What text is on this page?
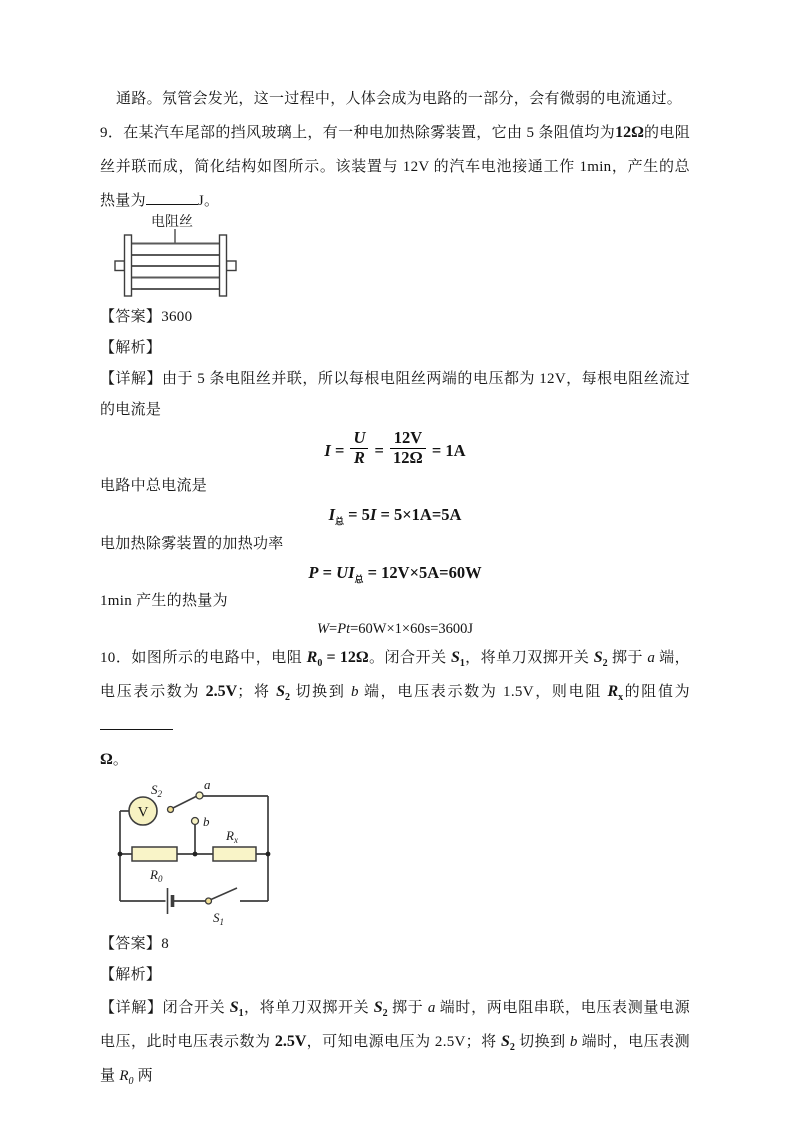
通路。氖管会发光，这一过程中，人体会成为电路的一部分，会有微弱的电流通过。

9．在某汽车尾部的挡风玻璃上，有一种电加热除雾装置，它由 5 条阻值均为12Ω的电阻丝并联而成，简化结构如图所示。该装置与 12V 的汽车电池接通工作 1min，产生的总热量为	J。

电阻丝

【答案】3600

【解析】

【详解】由于 5 条电阻丝并联，所以每根电阻丝两端的电压都为 12V，每根电阻丝流过的电流是

$I = \frac{U}{R} = \frac{12V}{12\Omega} = 1A$

电路中总电流是

$I_总 = 5I = 5\times 1A=5A$

电加热除雾装置的加热功率

$P = UI_总 = 12V\times 5A=60W$

1min 产生的热量为

W=Pt=60W×1×60s=3600J

10．如图所示的电路中，电阻 $R_0 = 12\Omega$。闭合开关 $S_1$，将单刀双掷开关 $S_2$ 掷于 a 端，电压表示数为 2.5V；将 $S_2$ 切换到 b 端，电压表示数为 1.5V，则电阻 $R_x$的阻值为
Ω。

V
$S_2$
a
b
$R_0$
$R_x$
$S_1$

【答案】8

【解析】

【详解】闭合开关 $S_1$，将单刀双掷开关 $S_2$ 掷于 a 端时，两电阻串联，电压表测量电源电压，此时电压表示数为 2.5V，可知电源电压为 2.5V；将 $S_2$ 切换到 b 端时，电压表测量 $R_0$ 两
